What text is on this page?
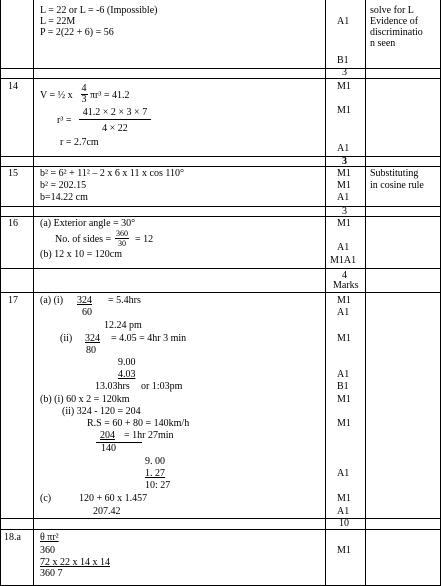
L = 22 or L = -6 (Impossible)
L = 22M
P = 2(22 + 6) = 56
A1
B1
3
solve for L
Evidence of
discriminatio
n seen
14
V = ½ x
4
3 πr³ = 41.2
r³ =
41.2 × 2 × 3 × 7
4 × 22
r = 2.7cm
M1
M1
A1
3
15 b² = 6² + 11² – 2 x 6 x 11 x cos 110°
b² = 202.15
b=14.22 cm
M1
M1
A1
3
Substituting
in cosine rule
16 (a) Exterior angle = 30°
No. of sides =
360
30 = 12
(b) 12 x 10 = 120cm
M1
A1
M1A1
4
Marks
17 (a) (i) 324 = 5.4hrs
60
12.24 pm
(ii) 324 = 4.05 = 4hr 3 min
80
9.00
4.03
13.03hrs or 1:03pm
(b) (i) 60 x 2 = 120km
(ii) 324 - 120 = 204
R.S = 60 + 80 = 140km/h
204 = 1hr 27min
140
9. 00
1. 27
10: 27
(c)	120 + 60 x 1.457
207.42
M1
A1
M1
A1
B1
M1
M1
A1
M1
A1
10
18.a θ πr²
360
72 x 22 x 14 x 14
360 7
M1
